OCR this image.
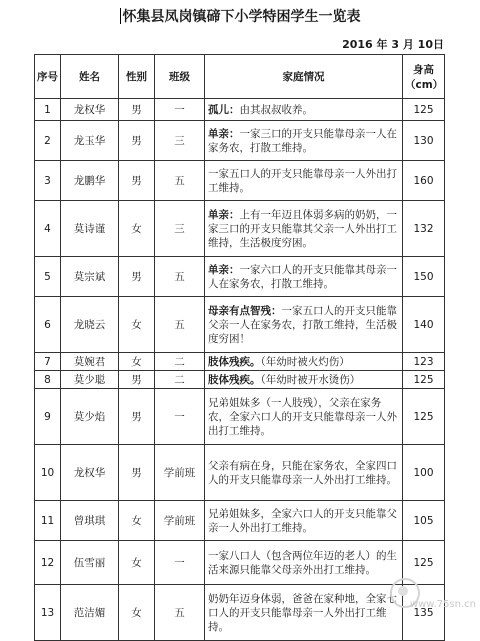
怀集县凤岗镇碲下小学特困学生一览表
2016 年 3 月 10日
序号	姓名	性别	班级	家庭情况	身高（cm）
1	龙权华	男	一	孤儿：由其叔叔收养。	125
2	龙玉华	男	三	单亲：一家三口的开支只能靠母亲一人在家务农，打散工维持。	130
3	龙鹏华	男	五	一家五口人的开支只能靠母亲一人外出打工维持。	160
4	莫诗谨	女	三	单亲：上有一年迈且体弱多病的奶奶，一家三口的开支只能靠其父亲一人外出打工维持，生活极度穷困。	132
5	莫宗斌	男	五	单亲：一家六口人的开支只能靠其母亲一人在家务农，打散工维持。	150
6	龙晓云	女	五	母亲有点智残：一家五口人的开支只能靠父亲一人在家务农，打散工维持，生活极度穷困！	140
7	莫婉君	女	二	肢体残疾。（年幼时被火灼伤）	123
8	莫少聪	男	二	肢体残疾。（年幼时被开水烫伤）	125
9	莫少焰	男	一	兄弟姐妹多（一人肢残），父亲在家务农，全家六口人的开支只能靠母亲一人外出打工维持。	125
10	龙权华	男	学前班	父亲有病在身，只能在家务农，全家四口人的开支只能靠母亲一人外出打工维持。	100
11	曾琪琪	女	学前班	兄弟姐妹多，全家六口人的开支只能靠父亲一人外出打工维持。	105
12	伍雪丽	女	一	一家八口人（包含两位年迈的老人）的生活来源只能靠父母亲外出打工维持。	125
13	范洁媚	女	五	奶奶年迈身体弱，爸爸在家种地，全家七口人的开支只能靠母亲一人外出打工维持。	135
www.75sn.cn
